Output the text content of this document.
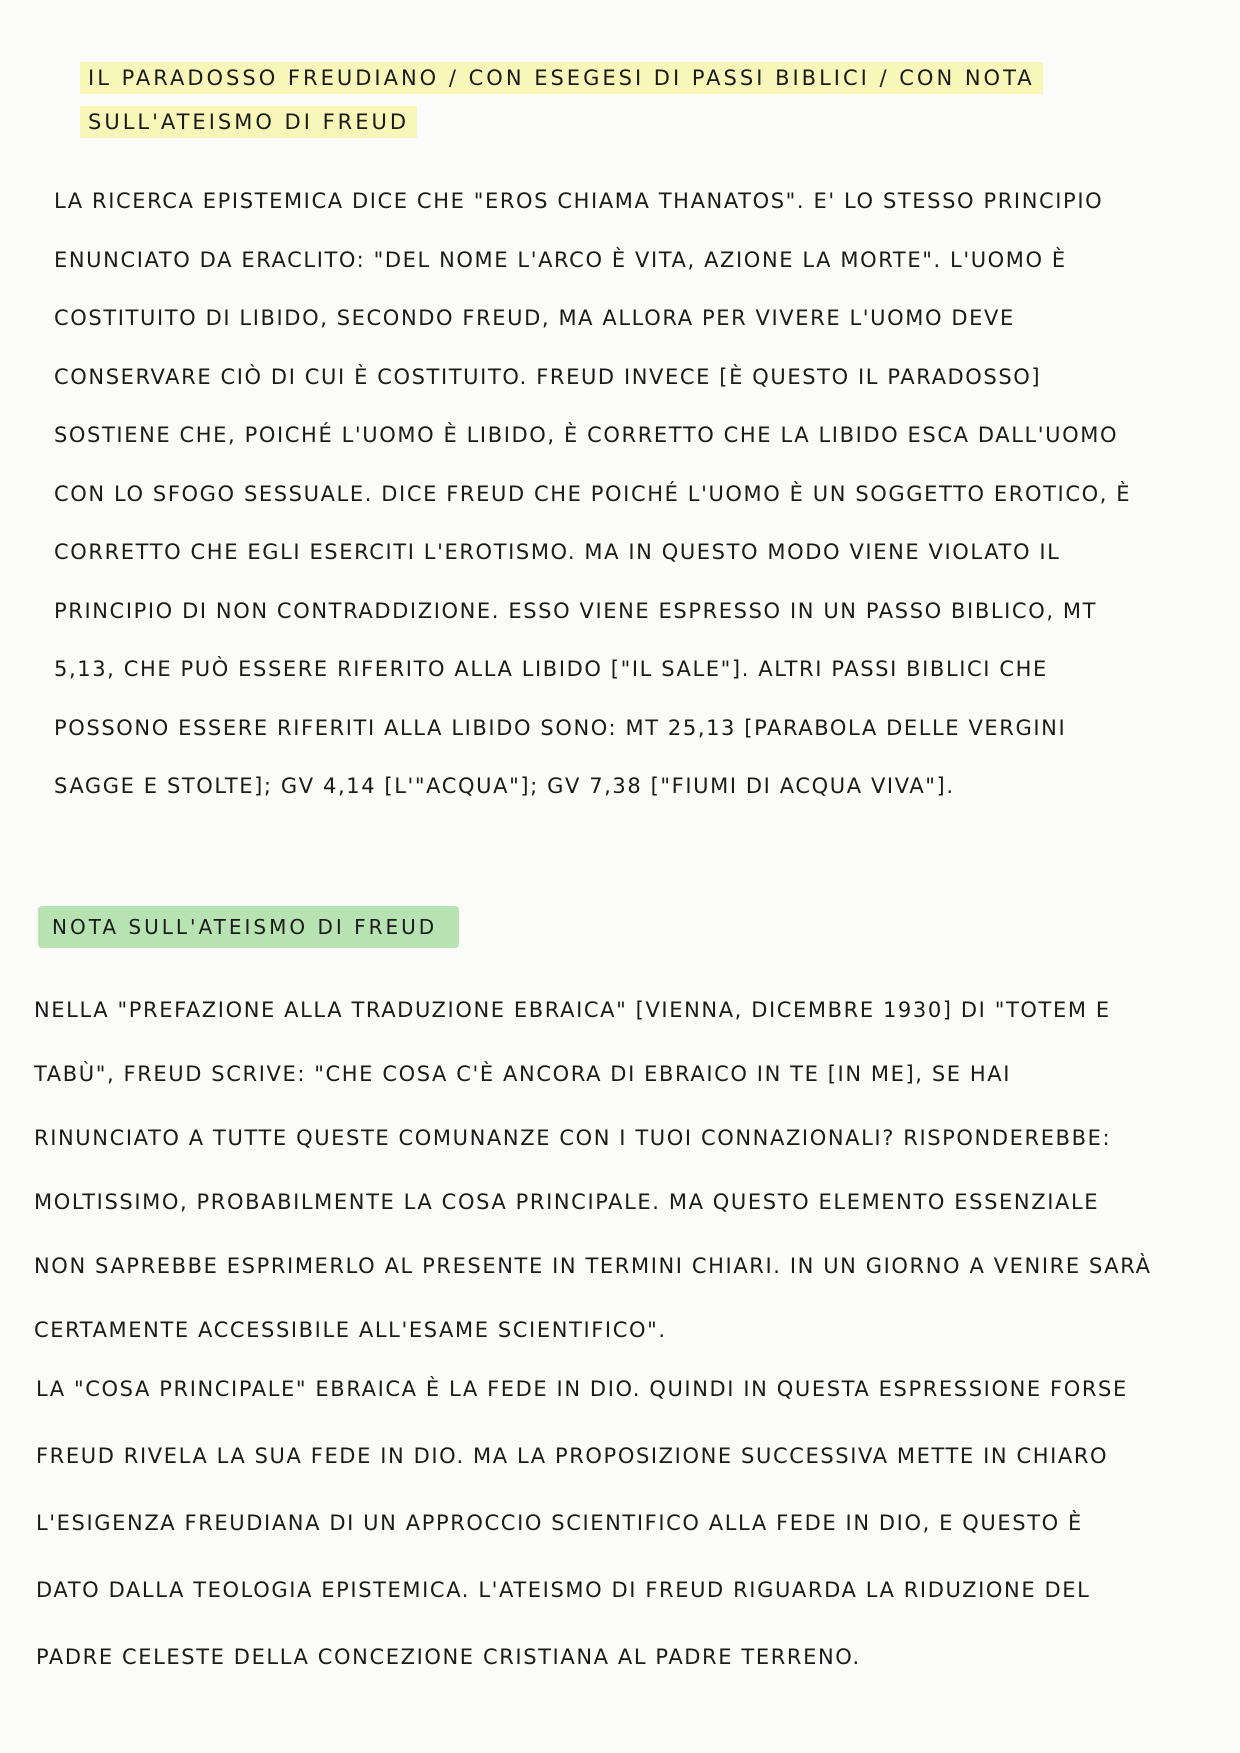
IL PARADOSSO FREUDIANO / CON ESEGESI DI PASSI BIBLICI / CON NOTA SULL'ATEISMO DI FREUD

LA RICERCA EPISTEMICA DICE CHE "EROS CHIAMA THANATOS". E' LO STESSO PRINCIPIO ENUNCIATO DA ERACLITO: "DEL NOME L'ARCO È VITA, AZIONE LA MORTE". L'UOMO È COSTITUITO DI LIBIDO, SECONDO FREUD, MA ALLORA PER VIVERE L'UOMO DEVE CONSERVARE CIÒ DI CUI È COSTITUITO. FREUD INVECE [È QUESTO IL PARADOSSO] SOSTIENE CHE, POICHÉ L'UOMO È LIBIDO, È CORRETTO CHE LA LIBIDO ESCA DALL'UOMO CON LO SFOGO SESSUALE. DICE FREUD CHE POICHÉ L'UOMO È UN SOGGETTO EROTICO, È CORRETTO CHE EGLI ESERCITI L'EROTISMO. MA IN QUESTO MODO VIENE VIOLATO IL PRINCIPIO DI NON CONTRADDIZIONE. ESSO VIENE ESPRESSO IN UN PASSO BIBLICO, MT 5,13, CHE PUÒ ESSERE RIFERITO ALLA LIBIDO ["IL SALE"]. ALTRI PASSI BIBLICI CHE POSSONO ESSERE RIFERITI ALLA LIBIDO SONO: MT 25,13 [PARABOLA DELLE VERGINI SAGGE E STOLTE]; GV 4,14 [L'"ACQUA"]; GV 7,38 ["FIUMI DI ACQUA VIVA"].

NOTA SULL'ATEISMO DI FREUD

NELLA "PREFAZIONE ALLA TRADUZIONE EBRAICA" [VIENNA, DICEMBRE 1930] DI "TOTEM E TABÙ", FREUD SCRIVE: "CHE COSA C'È ANCORA DI EBRAICO IN TE [IN ME], SE HAI RINUNCIATO A TUTTE QUESTE COMUNANZE CON I TUOI CONNAZIONALI? RISPONDEREBBE: MOLTISSIMO, PROBABILMENTE LA COSA PRINCIPALE. MA QUESTO ELEMENTO ESSENZIALE NON SAPREBBE ESPRIMERLO AL PRESENTE IN TERMINI CHIARI. IN UN GIORNO A VENIRE SARÀ CERTAMENTE ACCESSIBILE ALL'ESAME SCIENTIFICO".

LA "COSA PRINCIPALE" EBRAICA È LA FEDE IN DIO. QUINDI IN QUESTA ESPRESSIONE FORSE FREUD RIVELA LA SUA FEDE IN DIO. MA LA PROPOSIZIONE SUCCESSIVA METTE IN CHIARO L'ESIGENZA FREUDIANA DI UN APPROCCIO SCIENTIFICO ALLA FEDE IN DIO, E QUESTO È DATO DALLA TEOLOGIA EPISTEMICA. L'ATEISMO DI FREUD RIGUARDA LA RIDUZIONE DEL PADRE CELESTE DELLA CONCEZIONE CRISTIANA AL PADRE TERRENO.
